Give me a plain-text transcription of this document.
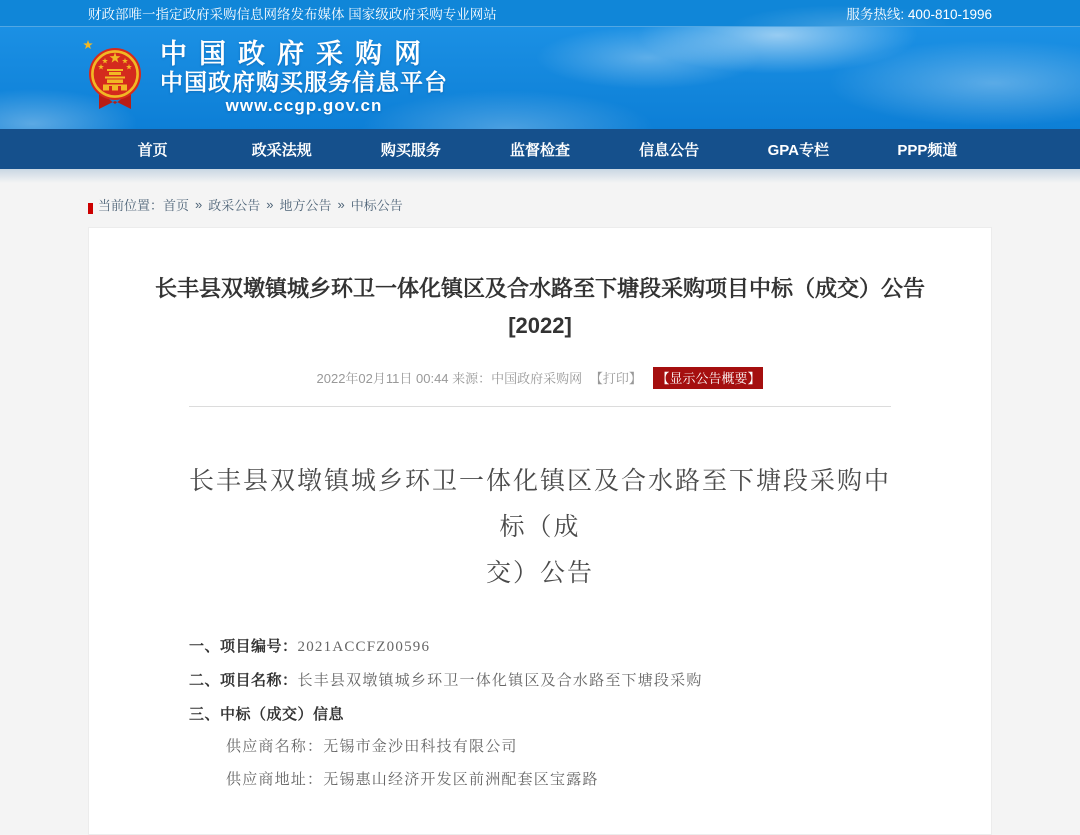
财政部唯一指定政府采购信息网络发布媒体 国家级政府采购专业网站	服务热线: 400-810-1996
中国政府采购网
中国政府购买服务信息平台
www.ccgp.gov.cn
首页	政采法规	购买服务	监督检查	信息公告	GPA专栏	PPP频道
当前位置： 首页 » 政采公告 » 地方公告 » 中标公告
长丰县双墩镇城乡环卫一体化镇区及合水路至下塘段采购项目中标（成交）公告
[2022]
2022年02月11日 00:44 来源：中国政府采购网 【打印】 【显示公告概要】
长丰县双墩镇城乡环卫一体化镇区及合水路至下塘段采购中标（成
交）公告

一、项目编号：2021ACCFZ00596

二、项目名称：长丰县双墩镇城乡环卫一体化镇区及合水路至下塘段采购

三、中标（成交）信息

供应商名称：无锡市金沙田科技有限公司

供应商地址：无锡惠山经济开发区前洲配套区宝露路
